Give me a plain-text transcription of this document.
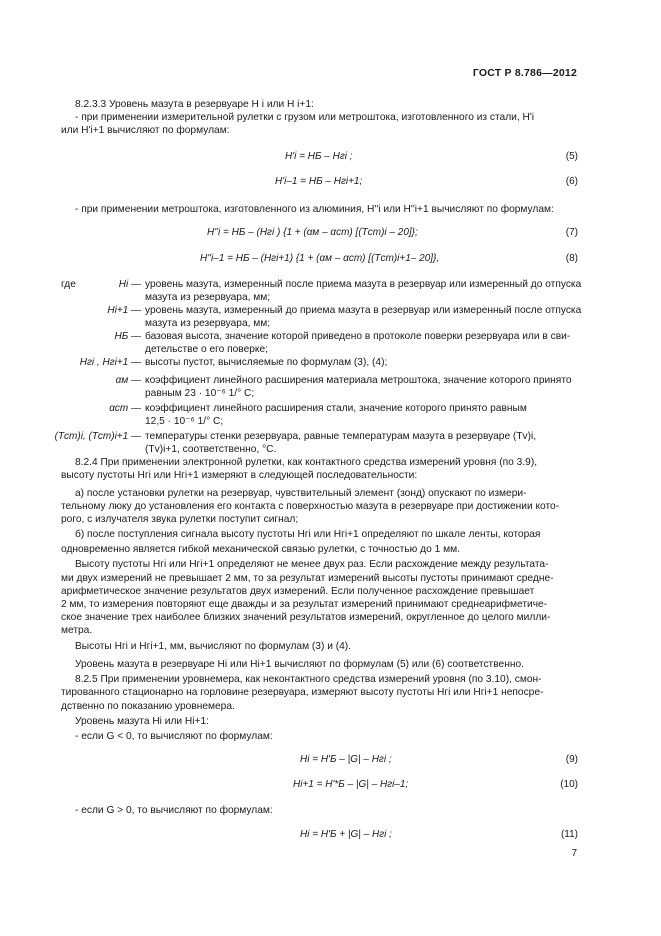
ГОСТ Р 8.786—2012
8.2.3.3 Уровень мазута в резервуаре H i или H i+1:
- при применении измерительной рулетки с грузом или метроштока, изготовленного из стали, H'i
или H'i+1 вычисляют по формулам:
H'i = HБ – Hгi ;	(5)
H'i–1 = HБ – Hгi+1;	(6)
- при применении метроштока, изготовленного из алюминия, H''i или H''i+1 вычисляют по формулам:
H''i = HБ – (Hгi ) {1 + (αм – αст) [(Tст)i – 20]};	(7)
H''i–1 = HБ – (Hгi+1) {1 + (αм – αст) [(Tст)i+1– 20]},	(8)
где	Hi — уровень мазута, измеренный после приема мазута в резервуар или измеренный до отпуска
мазута из резервуара, мм;
Hi+1 — уровень мазута, измеренный до приема мазута в резервуар или измеренный после отпуска
мазута из резервуара, мм;
HБ — базовая высота, значение которой приведено в протоколе поверки резервуара или в сви-
детельстве о его поверке;
Hгi , Hгi+1 — высоты пустот, вычисляемые по формулам (3), (4);
αм — коэффициент линейного расширения материала метроштока, значение которого принято
равным 23 · 10⁻⁶ 1/° С;
αст — коэффициент линейного расширения стали, значение которого принято равным
12,5 · 10⁻⁶ 1/° С;
(Tст)i, (Tст)i+1 — температуры стенки резервуара, равные температурам мазута в резервуаре (Tv)i,
(Tv)i+1, соответственно, °С.
8.2.4 При применении электронной рулетки, как контактного средства измерений уровня (по 3.9),
высоту пустоты Hгi или Hгi+1 измеряют в следующей последовательности:
а) после установки рулетки на резервуар, чувствительный элемент (зонд) опускают по измери-
тельному люку до установления его контакта с поверхностью мазута в резервуаре при достижении кото-
рого, с излучателя звука рулетки поступит сигнал;
б) после поступления сигнала высоту пустоты Hгi или Hгi+1 определяют по шкале ленты, которая
одновременно является гибкой механической связью рулетки, с точностью до 1 мм.
Высоту пустоты Hгi или Hгi+1 определяют не менее двух раз. Если расхождение между результата-
ми двух измерений не превышает 2 мм, то за результат измерений высоты пустоты принимают средне-
арифметическое значение результатов двух измерений. Если полученное расхождение превышает
2 мм, то измерения повторяют еще дважды и за результат измерений принимают среднеарифметиче-
ское значение трех наиболее близких значений результатов измерений, округленное до целого милли-
метра.
Высоты Hгi и Hгi+1, мм, вычисляют по формулам (3) и (4).
Уровень мазута в резервуаре Hi или Hi+1 вычисляют по формулам (5) или (6) соответственно.
8.2.5 При применении уровнемера, как неконтактного средства измерений уровня (по 3.10), смон-
тированного стационарно на горловине резервуара, измеряют высоту пустоты Hгi или Hгi+1 непосре-
дственно по показанию уровнемера.
Уровень мазута Hi или Hi+1:
- если G < 0, то вычисляют по формулам:
Hi = H'Б – |G| – Hгi ;	(9)
Hi+1 = H'*Б – |G| – Hгi–1;	(10)
- если G > 0, то вычисляют по формулам:
Hi = H'Б + |G| – Hгi ;	(11)
7
